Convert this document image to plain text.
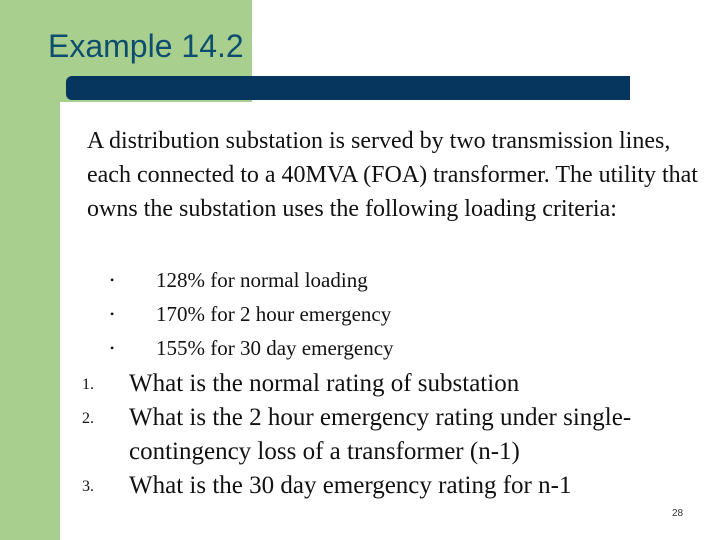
Example 14.2

A distribution substation is served by two transmission lines, each connected to a 40MVA (FOA) transformer. The utility that owns the substation uses the following loading criteria:

• 128% for normal loading
• 170% for 2 hour emergency
• 155% for 30 day emergency
1. What is the normal rating of substation
2. What is the 2 hour emergency rating under single-contingency loss of a transformer (n-1)
3. What is the 30 day emergency rating for n-1
28
